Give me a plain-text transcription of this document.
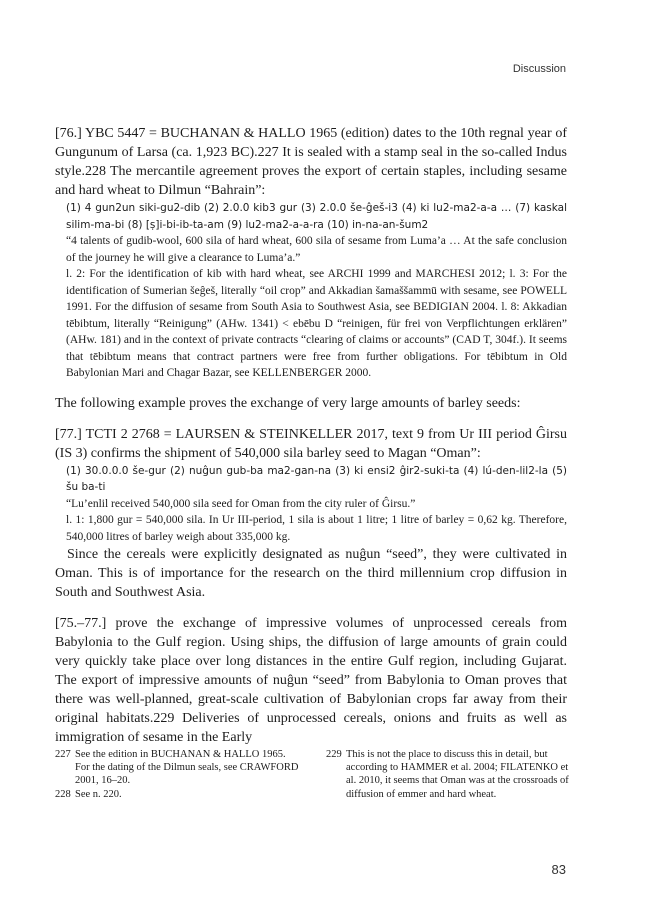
Discussion

[76.] YBC 5447 = BUCHANAN & HALLO 1965 (edition) dates to the 10th regnal year of Gungunum of Larsa (ca. 1,923 BC).227 It is sealed with a stamp seal in the so-called Indus style.228 The mercantile agreement proves the export of certain staples, including sesame and hard wheat to Dilmun “Bahrain”:

(1) 4 gun2un siki-gu2-dib (2) 2.0.0 kib3 gur (3) 2.0.0 še-ĝeš-i3 (4) ki lu2-ma2-a-a … (7) kaskal silim-ma-bi (8) [ṣ]i-bi-ib-ta-am (9) lu2-ma2-a-a-ra (10) in-na-an-šum2

“4 talents of gudib-wool, 600 sila of hard wheat, 600 sila of sesame from Luma’a … At the safe conclusion of the journey he will give a clearance to Luma’a.”

l. 2: For the identification of kib with hard wheat, see ARCHI 1999 and MARCHESI 2012; l. 3: For the identification of Sumerian šeĝeš, literally “oil crop” and Akkadian šamaššammū with sesame, see POWELL 1991. For the diffusion of sesame from South Asia to Southwest Asia, see BEDIGIAN 2004. l. 8: Akkadian tēbibtum, literally “Reinigung” (AHw. 1341) < ebēbu D “reinigen, für frei von Verpflichtungen erklären” (AHw. 181) and in the context of private contracts “clearing of claims or accounts” (CAD T, 304f.). It seems that tēbibtum means that contract partners were free from further obligations. For tēbibtum in Old Babylonian Mari and Chagar Bazar, see KELLENBERGER 2000.

The following example proves the exchange of very large amounts of barley seeds:

[77.] TCTI 2 2768 = LAURSEN & STEINKELLER 2017, text 9 from Ur III period Ĝirsu (IS 3) confirms the shipment of 540,000 sila barley seed to Magan “Oman”:

(1) 30.0.0.0 še-gur (2) nuĝun gub-ba ma2-gan-na (3) ki ensi2 ĝir2-suki-ta (4) lú-den-lil2-la (5) šu ba-ti

“Lu’enlil received 540,000 sila seed for Oman from the city ruler of Ĝirsu.”

l. 1: 1,800 gur = 540,000 sila. In Ur III-period, 1 sila is about 1 litre; 1 litre of barley = 0,62 kg. Therefore, 540,000 litres of barley weigh about 335,000 kg.

Since the cereals were explicitly designated as nuĝun “seed”, they were cultivated in Oman. This is of importance for the research on the third millennium crop diffusion in South and Southwest Asia.

[75.–77.] prove the exchange of impressive volumes of unprocessed cereals from Babylonia to the Gulf region. Using ships, the diffusion of large amounts of grain could very quickly take place over long distances in the entire Gulf region, including Gujarat. The export of impressive amounts of nuĝun “seed” from Babylonia to Oman proves that there was well-planned, great-scale cultivation of Babylonian crops far away from their original habitats.229 Deliveries of unprocessed cereals, onions and fruits as well as immigration of sesame in the Early

227 See the edition in BUCHANAN & HALLO 1965. For the dating of the Dilmun seals, see CRAWFORD 2001, 16–20.
228 See n. 220.
229 This is not the place to discuss this in detail, but according to HAMMER et al. 2004; FILATENKO et al. 2010, it seems that Oman was at the crossroads of diffusion of emmer and hard wheat.
83
